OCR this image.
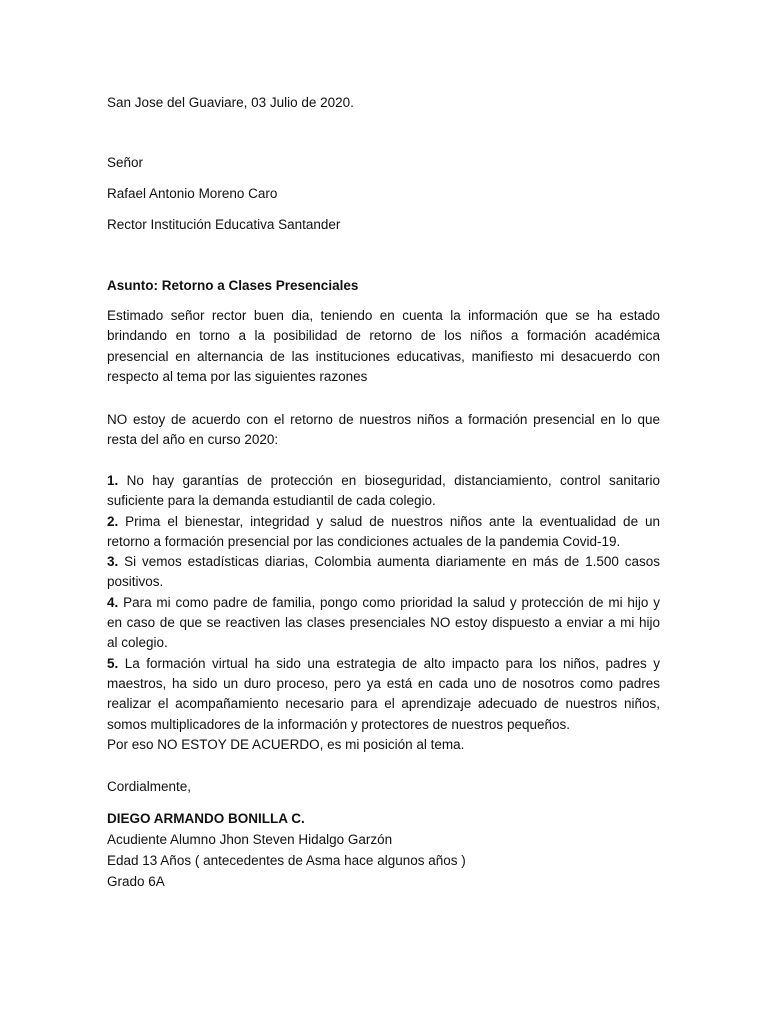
San Jose del Guaviare, 03 Julio de 2020.
Señor
Rafael Antonio Moreno Caro
Rector Institución Educativa Santander
Asunto: Retorno a Clases Presenciales
Estimado señor rector buen dia, teniendo en cuenta la información que se ha estado brindando en torno a la posibilidad de retorno de los niños a formación académica presencial en alternancia de las instituciones educativas, manifiesto mi desacuerdo con respecto al tema por las siguientes razones
NO estoy de acuerdo con el retorno de nuestros niños a formación presencial en lo que resta del año en curso 2020:
1. No hay garantías de protección en bioseguridad, distanciamiento, control sanitario suficiente para la demanda estudiantil de cada colegio.
2. Prima el bienestar, integridad y salud de nuestros niños ante la eventualidad de un retorno a formación presencial por las condiciones actuales de la pandemia Covid-19.
3. Si vemos estadísticas diarias, Colombia aumenta diariamente en más de 1.500 casos positivos.
4. Para mi como padre de familia, pongo como prioridad la salud y protección de mi hijo y en caso de que se reactiven las clases presenciales NO estoy dispuesto a enviar a mi hijo al colegio.
5. La formación virtual ha sido una estrategia de alto impacto para los niños, padres y maestros, ha sido un duro proceso, pero ya está en cada uno de nosotros como padres realizar el acompañamiento necesario para el aprendizaje adecuado de nuestros niños, somos multiplicadores de la información y protectores de nuestros pequeños.
Por eso NO ESTOY DE ACUERDO, es mi posición al tema.
Cordialmente,
DIEGO ARMANDO BONILLA C.
Acudiente Alumno Jhon Steven Hidalgo Garzón
Edad 13 Años ( antecedentes de Asma hace algunos años )
Grado 6A
